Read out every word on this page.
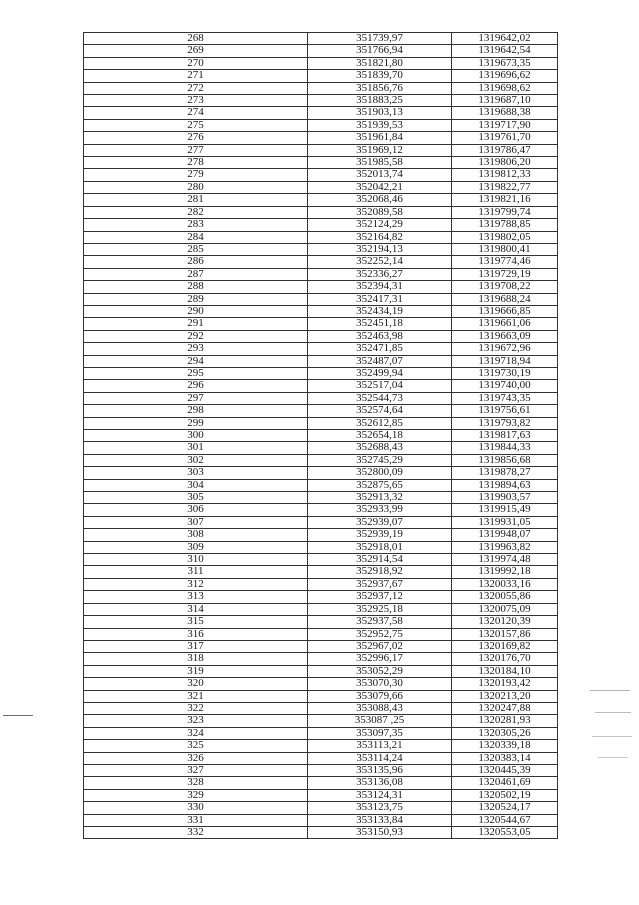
268	351739,97	1319642,02
269	351766,94	1319642,54
270	351821,80	1319673,35
271	351839,70	1319696,62
272	351856,76	1319698,62
273	351883,25	1319687,10
274	351903,13	1319688,38
275	351939,53	1319717,90
276	351961,84	1319761,70
277	351969,12	1319786,47
278	351985,58	1319806,20
279	352013,74	1319812,33
280	352042,21	1319822,77
281	352068,46	1319821,16
282	352089,58	1319799,74
283	352124,29	1319788,85
284	352164,82	1319802,05
285	352194,13	1319800,41
286	352252,14	1319774,46
287	352336,27	1319729,19
288	352394,31	1319708,22
289	352417,31	1319688,24
290	352434,19	1319666,85
291	352451,18	1319661,06
292	352463,98	1319663,09
293	352471,85	1319672,96
294	352487,07	1319718,94
295	352499,94	1319730,19
296	352517,04	1319740,00
297	352544,73	1319743,35
298	352574,64	1319756,61
299	352612,85	1319793,82
300	352654,18	1319817,63
301	352688,43	1319844,33
302	352745,29	1319856,68
303	352800,09	1319878,27
304	352875,65	1319894,63
305	352913,32	1319903,57
306	352933,99	1319915,49
307	352939,07	1319931,05
308	352939,19	1319948,07
309	352918,01	1319963,82
310	352914,54	1319974,48
311	352918,92	1319992,18
312	352937,67	1320033,16
313	352937,12	1320055,86
314	352925,18	1320075,09
315	352937,58	1320120,39
316	352952,75	1320157,86
317	352967,02	1320169,82
318	352996,17	1320176,70
319	353052,29	1320184,10
320	353070,30	1320193,42
321	353079,66	1320213,20
322	353088,43	1320247,88
323	353087 ,25	1320281,93
324	353097,35	1320305,26
325	353113,21	1320339,18
326	353114,24	1320383,14
327	353135,96	1320445,39
328	353136,08	1320461,69
329	353124,31	1320502,19
330	353123,75	1320524,17
331	353133,84	1320544,67
332	353150,93	1320553,05
